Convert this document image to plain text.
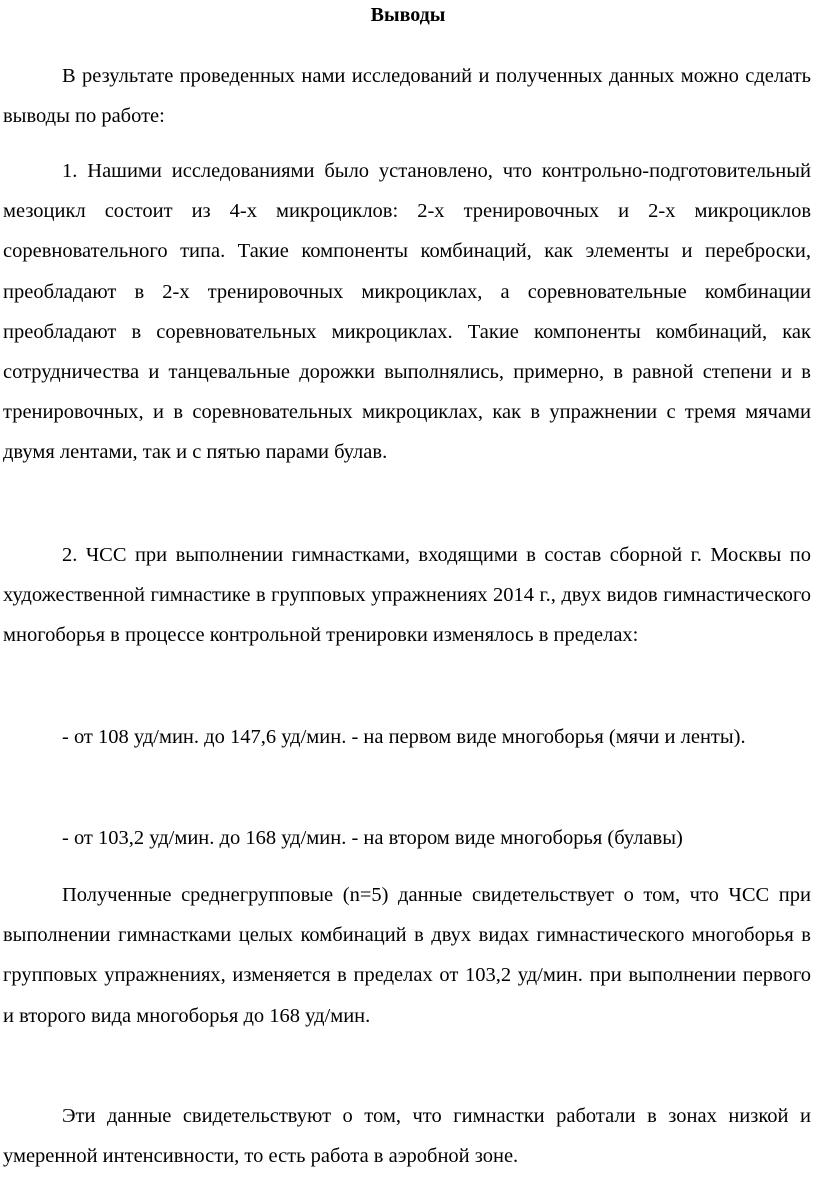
Выводы

В результате проведенных нами исследований и полученных данных можно сделать выводы по работе:

1. Нашими исследованиями было установлено, что контрольно-подготовительный мезоцикл состоит из 4-х микроциклов: 2-х тренировочных и 2-х микроциклов соревновательного типа. Такие компоненты комбинаций, как элементы и переброски, преобладают в 2-х тренировочных микроциклах, а соревновательные комбинации преобладают в соревновательных микроциклах. Такие компоненты комбинаций, как сотрудничества и танцевальные дорожки выполнялись, примерно, в равной степени и в тренировочных, и в соревновательных микроциклах, как в упражнении с тремя мячами двумя лентами, так и с пятью парами булав.

2. ЧСС при выполнении гимнастками, входящими в состав сборной г. Москвы по художественной гимнастике в групповых упражнениях 2014 г., двух видов гимнастического многоборья в процессе контрольной тренировки изменялось в пределах:

- от 108 уд/мин. до 147,6 уд/мин. - на первом виде многоборья (мячи и ленты).

- от 103,2 уд/мин. до 168 уд/мин. - на втором виде многоборья (булавы)

Полученные среднегрупповые (n=5) данные свидетельствует о том, что ЧСС при выполнении гимнастками целых комбинаций в двух видах гимнастического многоборья в групповых упражнениях, изменяется в пределах от 103,2 уд/мин. при выполнении первого и второго вида многоборья до 168 уд/мин.

Эти данные свидетельствуют о том, что гимнастки работали в зонах низкой и умеренной интенсивности, то есть работа в аэробной зоне.
